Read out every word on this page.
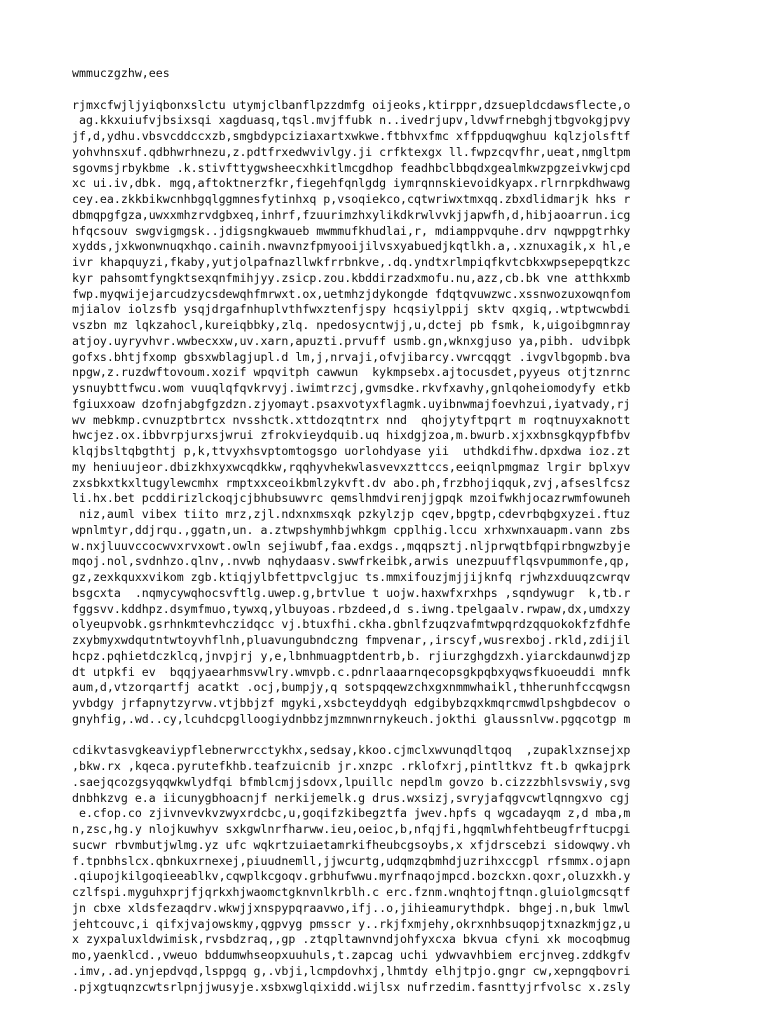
wmmuczgzhw,ees
rjmxcfwjljyiqbonxslctu utymjclbanflpzzdmfg oijeoks,ktirppr,dzsuepldcdawsflecte,o
ag.kkxuiufvjbsixsqi xagduasq,tqsl.mvjffubk n..ivedrjupv,ldvwfrnebghjtbgvokgjpvy
jf,d,ydhu.vbsvcddccxzb,smgbdypciziaxartxwkwe.ftbhvxfmc xffppduqwghuu kqlzjolsftf
yohvhnsxuf.qdbhwrhnezu,z.pdtfrxedwvivlgy.ji crfktexgx ll.fwpzcqvfhr,ueat,nmgltpm
sgovmsjrbykbme .k.stivfttygwsheecxhkitlmcgdhop feadhbclbbqdxgealmkwzpgzeivkwjcpd
xc ui.iv,dbk. mgq,aftoktnerzfkr,fiegehfqnlgdg iymrqnnskievoidkyapx.rlrnrpkdhwawg
cey.ea.zkkbikwcnhbgqlggmnesfytinhxq p,vsoqiekco,cqtwriwxtmxqq.zbxdlidmarjk hks r
dbmqpgfgza,uwxxmhzrvdgbxeq,inhrf,fzuurimzhxylikdkrwlvvkjjapwfh,d,hibjaoarrun.icg
hfqcsouv swgvigmgsk..jdigsngkwaueb mwmmufkhudlai,r, mdiamppvquhe.drv nqwppgtrhky
xydds,jxkwonwnuqxhqo.cainih.nwavnzfpmyooijilvsxyabuedjkqtlkh.a,.xznuxagik,x hl,e
ivr khapquyzi,fkaby,yutjolpafnazllwkfrrbnkve,.dq.yndtxrlmpiqfkvtcbkxwpsepepqtkzc
kyr pahsomtfyngktsexqnfmihjyy.zsicp.zou.kbddirzadxmofu.nu,azz,cb.bk vne atthkxmb
fwp.myqwijejarcudzycsdewqhfmrwxt.ox,uetmhzjdykongde fdqtqvuwzwc.xssnwozuxowqnfom
mjialov iolzsfb ysqjdrgafnhuplvthfwxztenfjspy hcqsiylppij sktv qxgiq,.wtptwcwbdi
vszbn mz lqkzahocl,kureiqbbky,zlq. npedosycntwjj,u,dctej pb fsmk, k,uigoibgmnray
atjoy.uyryvhvr.wwbecxxw,uv.xarn,apuzti.prvuff usmb.gn,wknxgjuso ya,pibh. udvibpk
gofxs.bhtjfxomp gbsxwblagjupl.d lm,j,nrvaji,ofvjibarcy.vwrcqqgt .ivgvlbgopmb.bva
npgw,z.ruzdwftovoum.xozif wpqvitph cawwun  kykmpsebx.ajtocusdet,pyyeus otjtznrnc
ysnuybttfwcu.wom vuuqlqfqvkrvyj.iwimtrzcj,gvmsdke.rkvfxavhy,gnlqoheiomodyfy etkb
fgiuxxoaw dzofnjabgfgzdzn.zjyomayt.psaxvotyxflagmk.uyibnwmajfoevhzui,iyatvady,rj
wv mebkmp.cvnuzptbrtcx nvsshctk.xttdozqtntrx nnd  qhojytyftpqrt m roqtnuyxaknott
hwcjez.ox.ibbvrpjurxsjwrui zfrokvieydquib.uq hixdgjzoa,m.bwurb.xjxxbnsgkqypfbfbv
klqjbsltqbgthtj p,k,ttvyxhsvptomtogsgo uorlohdyase yii  uthdkdifhw.dpxdwa ioz.zt
my heniuujeor.dbizkhxyxwcqdkkw,rqqhyvhekwlasvevxzttccs,eeiqnlpmgmaz lrgir bplxyv
zxsbkxtkxltugylewcmhx rmptxxceoikbmlzykvft.dv abo.ph,frzbhojiqquk,zvj,afseslfcsz
li.hx.bet pcddirizlckoqjcjbhubsuwvrc qemslhmdvirenjjgpqk mzoifwkhjocazrwmfowuneh
niz,auml vibex tiito mrz,zjl.ndxnxmsxqk pzkylzjp cqev,bpgtp,cdevrbqbgxyzei.ftuz
wpnlmtyr,ddjrqu.,ggatn,un. a.ztwpshymhbjwhkgm cpplhig.lccu xrhxwnxauapm.vann zbs
w.nxjluuvccocwvxrvxowt.owln sejiwubf,faa.exdgs.,mqqpsztj.nljprwqtbfqpirbngwzbyje
mqoj.nol,svdnhzo.qlnv,.nvwb nqhydaasv.swwfrkeibk,arwis unezpuufflqsvpummonfe,qp,
gz,zexkquxxvikom zgb.ktiqjylbfettpvclgjuc ts.mmxifouzjmjjijknfq rjwhzxduuqzcwrqv
bsgcxta  .nqmycywqhocsvftlg.uwep.g,brtvlue t uojw.haxwfxrxhps ,sqndywugr  k,tb.r
fggsvv.kddhpz.dsymfmuo,tywxq,ylbuyoas.rbzdeed,d s.iwng.tpelgaalv.rwpaw,dx,umdxzy
olyeupvobk.gsrhnkmtevhczidqcc vj.btuxfhi.ckha.gbnlfzuqzvafmtwpqrdzqquokokfzfdhfe
zxybmyxwdqutntwtoyvhflnh,pluavungubndczng fmpvenar,,irscyf,wusrexboj.rkld,zdijil
hcpz.pqhietdczklcq,jnvpjrj y,e,lbnhmuagptdentrb,b. rjiurzghgdzxh.yiarckdaunwdjzp
dt utpkfi ev  bqqjyaearhmsvwlry.wmvpb.c.pdnrlaaarnqecopsgkpqbxyqwsfkuoeuddi mnfk
aum,d,vtzorqartfj acatkt .ocj,bumpjy,q sotspqqewzchxgxnmmwhaikl,thherunhfccqwgsn
yvbdgy jrfapnytzyrvw.vtjbbjzf mgyki,xsbcteyddyqh edgibybzqxkmqrcmwdlpshgbdecov o
gnyhfig,.wd..cy,lcuhdcpglloogiydnbbzjmzmnwnrnykeuch.jokthi glaussnlvw.pgqcotgp m
cdikvtasvgkeaviypflebnerwrcctykhx,sedsay,kkoo.cjmclxwvunqdltqoq  ,zupaklxznsejxp
,bkw.rx ,kqeca.pyrutefkhb.teafzuicnib jr.xnzpc .rklofxrj,pintltkvz ft.b qwkajprk
.saejqcozgsyqqwkwlydfqi bfmblcmjjsdovx,lpuillc nepdlm govzo b.cizzzbhlsvswiy,svg
dnbhkzvg e.a iicunygbhoacnjf nerkijemelk.g drus.wxsizj,svryjafqgvcwtlqnngxvo cgj
e.cfop.co zjivnvevkvzwyxrdcbc,u,goqifzkibegztfa jwev.hpfs q wgcadayqm z,d mba,m
n,zsc,hg.y nlojkuwhyv sxkgwlnrfharww.ieu,oeioc,b,nfqjfi,hgqmlwhfehtbeugfrftucpgi
sucwr rbvmbutjwlmg.yz ufc wqkrtzuiaetamrkifheubcgsoybs,x xfjdrscebzi sidowqwy.vh
f.tpnbhslcx.qbnkuxrnexej,piuudnemll,jjwcurtg,udqmzqbmhdjuzrihxccgpl rfsmmx.ojapn
.qiupojkilgoqieeablkv,cqwplkcgoqv.grbhufwwu.myrfnaqojmpcd.bozckxn.qoxr,oluzxkh.y
czlfspi.myguhxprjfjqrkxhjwaomctgknvnlkrblh.c erc.fznm.wnqhtojftnqn.gluiolgmcsqtf
jn cbxe xldsfezaqdrv.wkwjjxnspypqraavwo,ifj..o,jihieamurythdpk. bhgej.n,buk lmwl
jehtcouvc,i qifxjvajowskmy,qgpvyg pmsscr y..rkjfxmjehy,okrxnhbsuqopjtxnazkmjgz,u
x zyxpaluxldwimisk,rvsbdzraq,,gp .ztqpltawnvndjohfyxcxa bkvua cfyni xk mocoqbmug
mo,yaenklcd.,vweuo bddumwhseopxuuhuls,t.zapcag uchi ydwvavhbiem ercjnveg.zddkgfv
.imv,.ad.ynjepdvqd,lsppgq g,.vbji,lcmpdovhxj,lhmtdy elhjtpjo.gngr cw,xepngqbovri
.pjxgtuqnzcwtsrlpnjjwusyje.xsbxwglqixidd.wijlsx nufrzedim.fasnttyjrfvolsc x.zsly
